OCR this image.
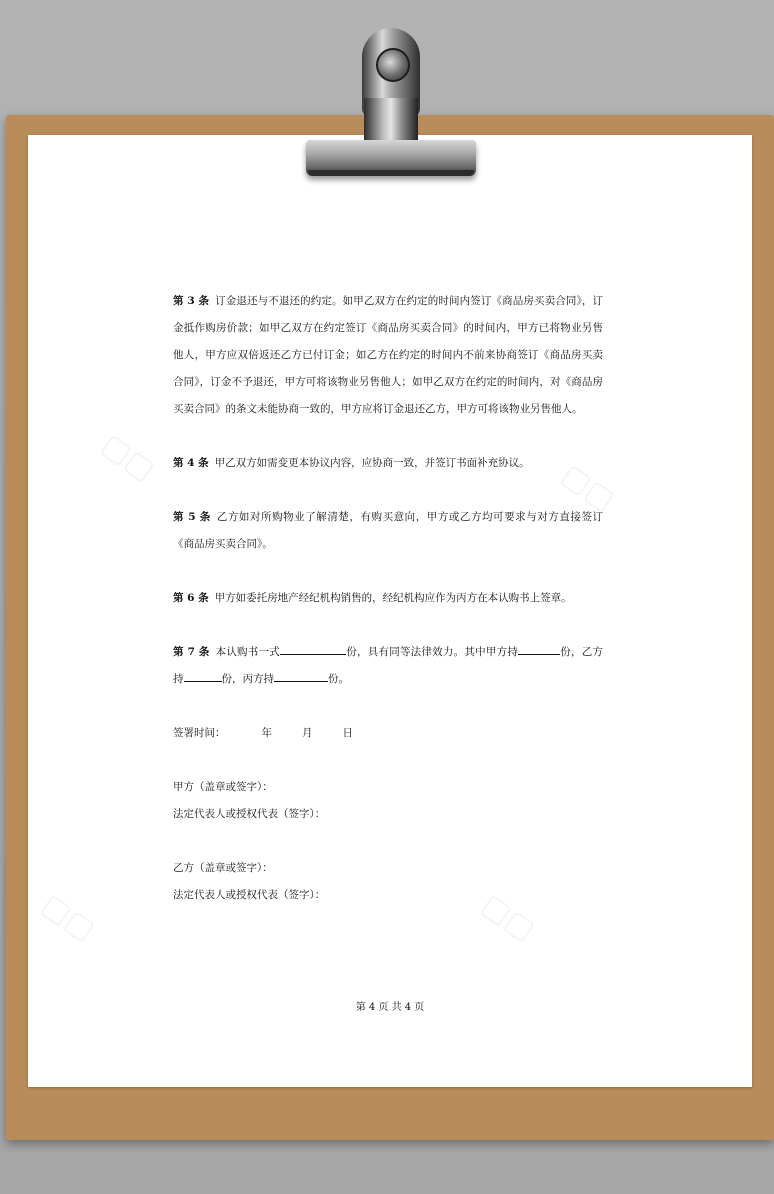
▢▢
▢▢
▢▢	▢▢

第 3 条 订金退还与不退还的约定。如甲乙双方在约定的时间内签订《商品房买卖合同》，订金抵作购房价款；如甲乙双方在约定签订《商品房买卖合同》的时间内，甲方已将物业另售他人，甲方应双倍返还乙方已付订金；如乙方在约定的时间内不前来协商签订《商品房买卖合同》，订金不予退还，甲方可将该物业另售他人；如甲乙双方在约定的时间内，对《商品房买卖合同》的条文未能协商一致的，甲方应将订金退还乙方，甲方可将该物业另售他人。

第 4 条 甲乙双方如需变更本协议内容，应协商一致，并签订书面补充协议。

第 5 条 乙方如对所购物业了解清楚，有购买意向，甲方或乙方均可要求与对方直接签订《商品房买卖合同》。

第 6 条 甲方如委托房地产经纪机构销售的，经纪机构应作为丙方在本认购书上签章。

第 7 条 本认购书一式	份，具有同等法律效力。其中甲方持	份，乙方持	份，丙方持	份。

签署时间：	年	月	日

甲方（盖章或签字）：

法定代表人或授权代表（签字）：

乙方（盖章或签字）：

法定代表人或授权代表（签字）：

第 4 页 共 4 页
